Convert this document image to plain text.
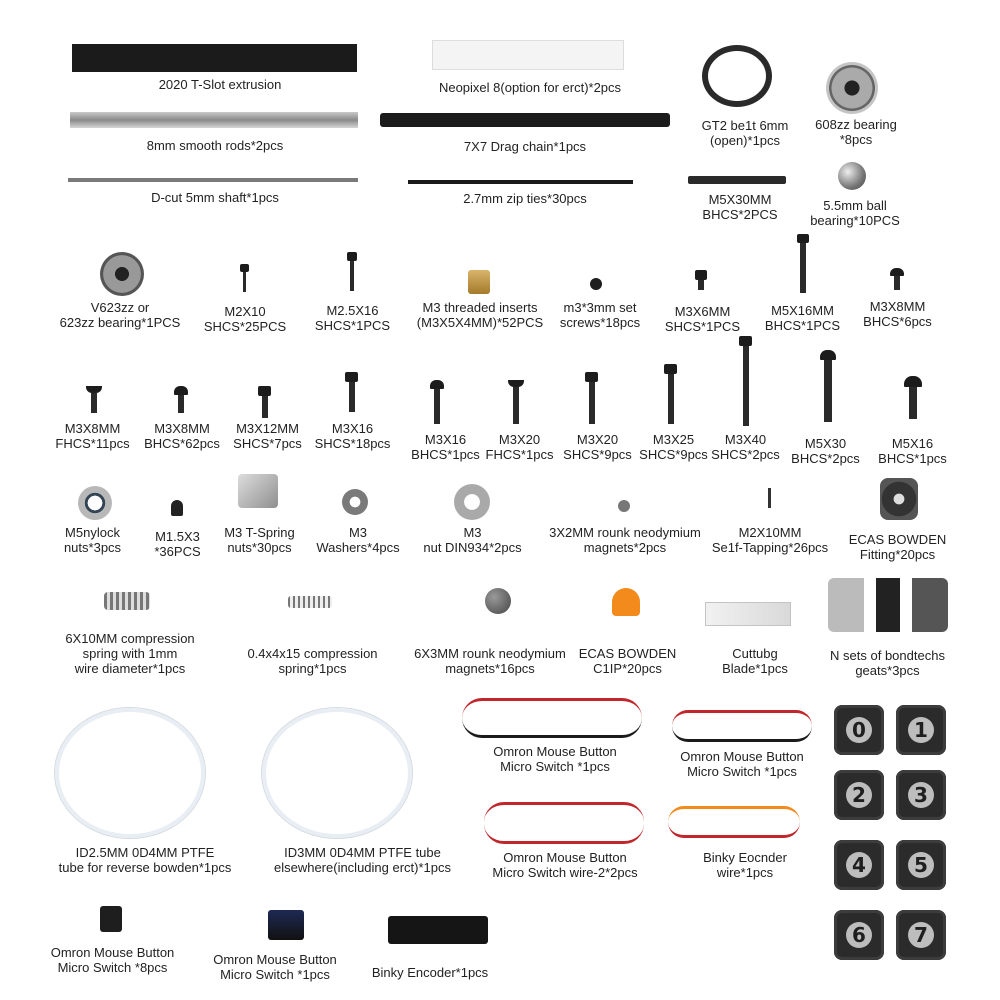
2020 T-Slot extrusion	Neopixel 8(option for erct)*2pcs
GT2 be1t 6mm
(open)*1pcs
608zz bearing
*8pcs
8mm smooth rods*2pcs	7X7 Drag chain*1pcs
D-cut 5mm shaft*1pcs	2.7mm zip ties*30pcs	M5X30MM
BHCS*2PCS
5.5mm ball
bearing*10PCS
V623zz or
623zz bearing*1PCS
M2X10
SHCS*25PCS
M2.5X16
SHCS*1PCS
M3 threaded inserts
(M3X5X4MM)*52PCS
m3*3mm set
screws*18pcs
M3X6MM
SHCS*1PCS
M5X16MM
BHCS*1PCS
M3X8MM
BHCS*6pcs
M3X8MM
FHCS*11pcs
M3X8MM
BHCS*62pcs
M3X12MM
SHCS*7pcs
M3X16
SHCS*18pcs	M3X16
BHCS*1pcs
M3X20
FHCS*1pcs
M3X20
SHCS*9pcs
M3X25
SHCS*9pcs
M3X40
SHCS*2pcs
M5X30
BHCS*2pcs
M5X16
BHCS*1pcs
M5nylock
nuts*3pcs
M1.5X3
*36PCS
M3 T-Spring
nuts*30pcs
M3
Washers*4pcs
M3
nut DIN934*2pcs
3X2MM rounk neodymium
magnets*2pcs
M2X10MM
Se1f-Tapping*26pcs
ECAS BOWDEN
Fitting*20pcs
6X10MM compression
spring with 1mm
wire diameter*1pcs
0.4x4x15 compression
spring*1pcs
6X3MM rounk neodymium
magnets*16pcs
ECAS BOWDEN
C1IP*20pcs
Cuttubg
Blade*1pcs
N sets of bondtechs
geats*3pcs
ID2.5MM 0D4MM PTFE
tube for reverse bowden*1pcs
ID3MM 0D4MM PTFE tube
elsewhere(including erct)*1pcs
Omron Mouse Button
Micro Switch *1pcs
Omron Mouse Button
Micro Switch *1pcs
Omron Mouse Button
Micro Switch wire-2*2pcs
Binky Eocnder
wire*1pcs
0	1
2	3
4	5
6	7
Omron Mouse Button
Micro Switch *8pcs
Omron Mouse Button
Micro Switch *1pcs	Binky Encoder*1pcs
